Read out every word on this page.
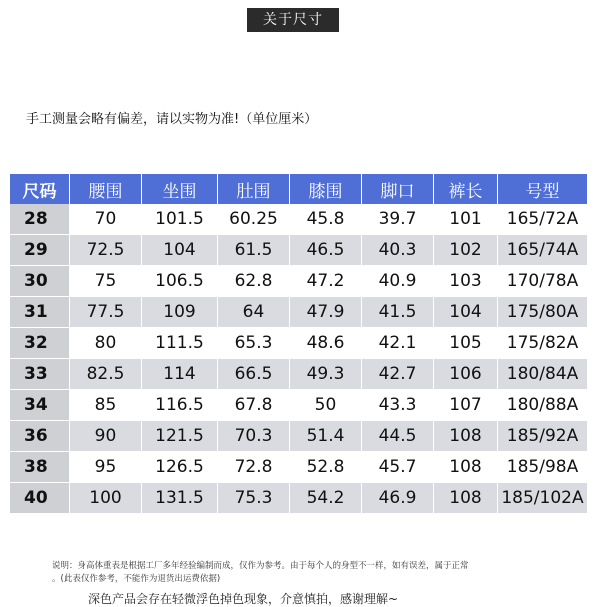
关于尺寸
手工测量会略有偏差，请以实物为准!（单位厘米）
尺码	腰围	坐围	肚围	膝围	脚口	裤长	号型
28	70	101.5	60.25	45.8	39.7	101	165/72A
29	72.5	104	61.5	46.5	40.3	102	165/74A
30	75	106.5	62.8	47.2	40.9	103	170/78A
31	77.5	109	64	47.9	41.5	104	175/80A
32	80	111.5	65.3	48.6	42.1	105	175/82A
33	82.5	114	66.5	49.3	42.7	106	180/84A
34	85	116.5	67.8	50	43.3	107	180/88A
36	90	121.5	70.3	51.4	44.5	108	185/92A
38	95	126.5	72.8	52.8	45.7	108	185/98A
40	100	131.5	75.3	54.2	46.9	108	185/102A
说明：身高体重表是根据工厂多年经验编制而成，仅作为参考。由于每个人的身型不一样，如有误差，属于正常
。(此表仅作参考，不能作为退货出运费依据)
深色产品会存在轻微浮色掉色现象，介意慎拍，感谢理解~
